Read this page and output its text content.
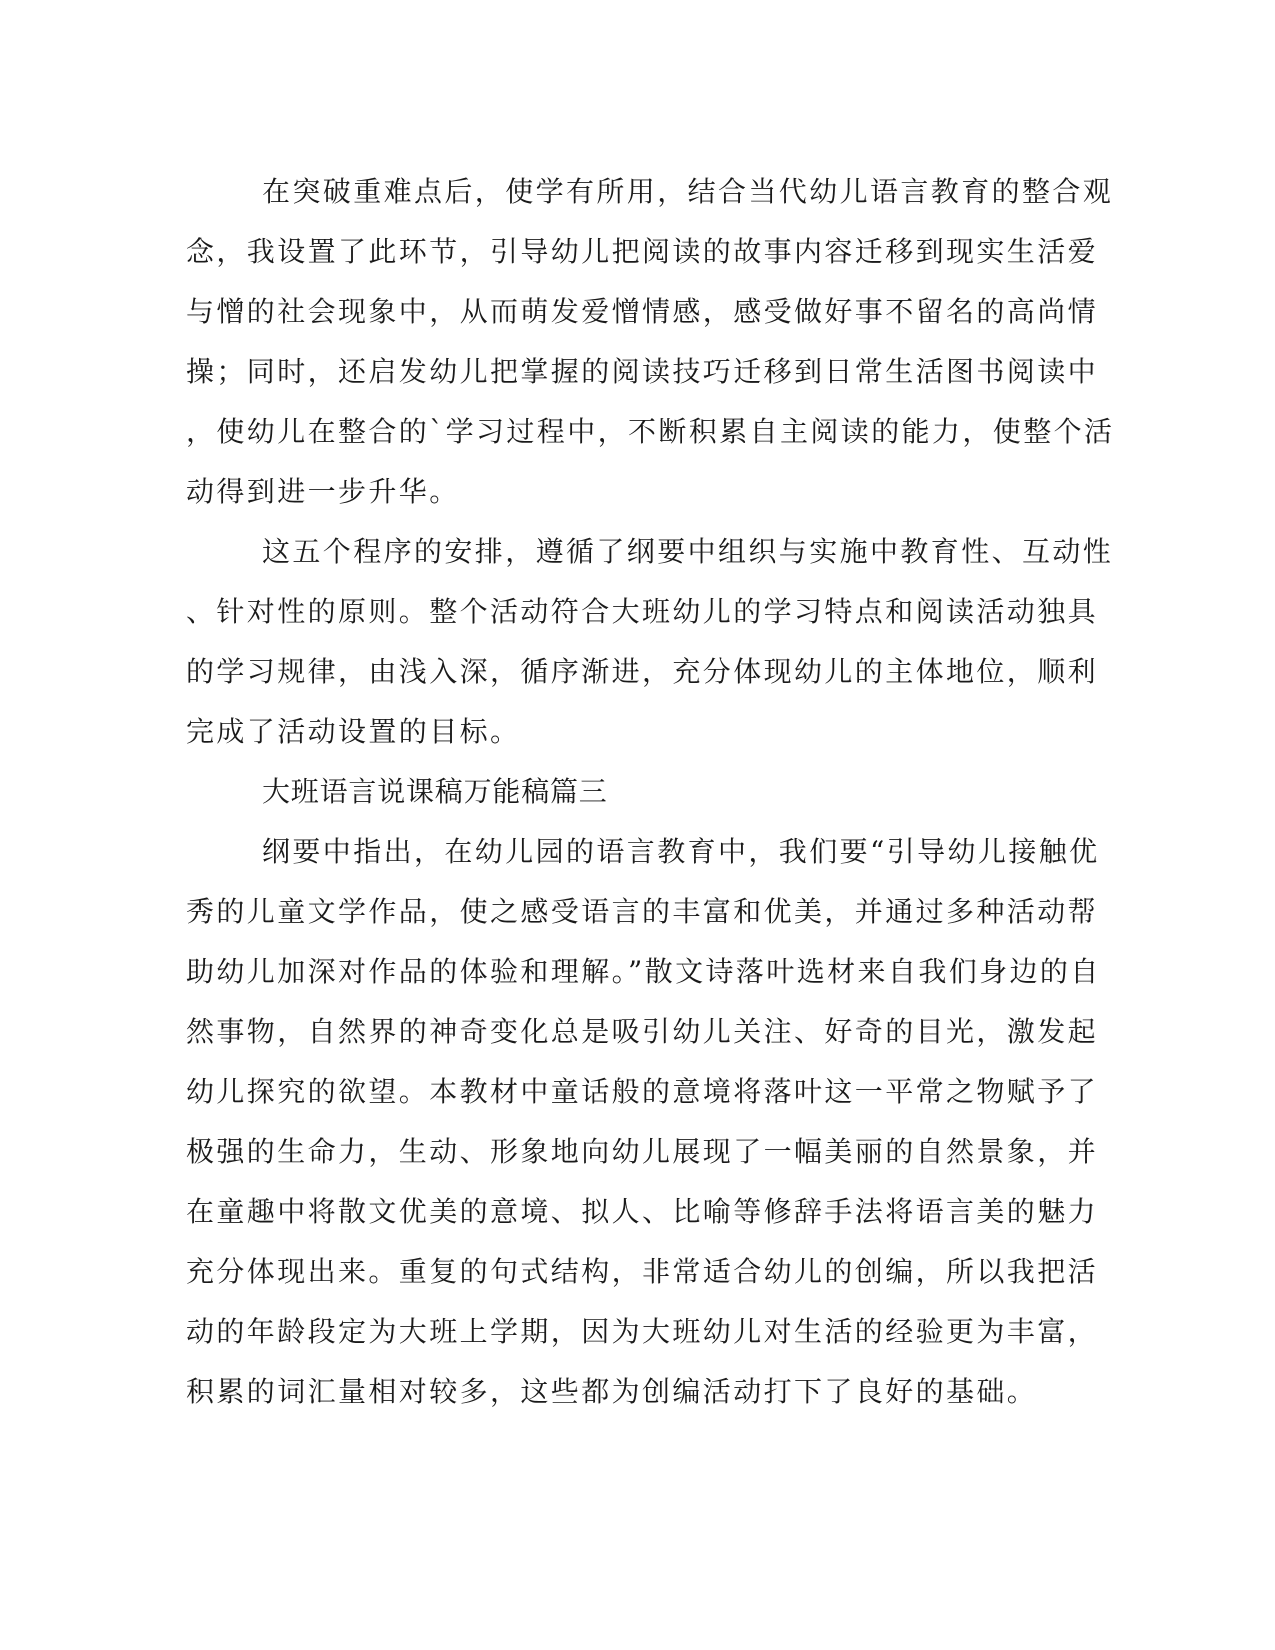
在突破重难点后，使学有所用，结合当代幼儿语言教育的整合观
念，我设置了此环节，引导幼儿把阅读的故事内容迁移到现实生活爱
与憎的社会现象中，从而萌发爱憎情感，感受做好事不留名的高尚情
操；同时，还启发幼儿把掌握的阅读技巧迁移到日常生活图书阅读中
，使幼儿在整合的`学习过程中，不断积累自主阅读的能力，使整个活
动得到进一步升华。
这五个程序的安排，遵循了纲要中组织与实施中教育性、互动性
、针对性的原则。整个活动符合大班幼儿的学习特点和阅读活动独具
的学习规律，由浅入深，循序渐进，充分体现幼儿的主体地位，顺利
完成了活动设置的目标。
大班语言说课稿万能稿篇三
纲要中指出，在幼儿园的语言教育中，我们要“引导幼儿接触优
秀的儿童文学作品，使之感受语言的丰富和优美，并通过多种活动帮
助幼儿加深对作品的体验和理解。”散文诗落叶选材来自我们身边的自
然事物，自然界的神奇变化总是吸引幼儿关注、好奇的目光，激发起
幼儿探究的欲望。本教材中童话般的意境将落叶这一平常之物赋予了
极强的生命力，生动、形象地向幼儿展现了一幅美丽的自然景象，并
在童趣中将散文优美的意境、拟人、比喻等修辞手法将语言美的魅力
充分体现出来。重复的句式结构，非常适合幼儿的创编，所以我把活
动的年龄段定为大班上学期，因为大班幼儿对生活的经验更为丰富，
积累的词汇量相对较多，这些都为创编活动打下了良好的基础。
